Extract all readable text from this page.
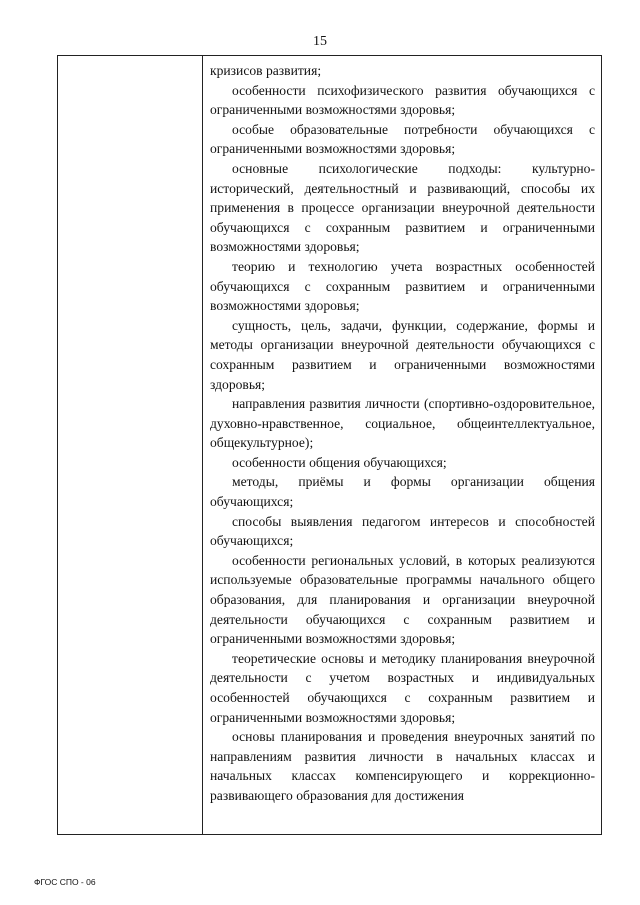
15

кризисов развития;

особенности психофизического развития обучающихся с ограниченными возможностями здоровья;

особые образовательные потребности обучающихся с ограниченными возможностями здоровья;

основные психологические подходы: культурно-исторический, деятельностный и развивающий, способы их применения в процессе организации внеурочной деятельности обучающихся с сохранным развитием и ограниченными возможностями здоровья;

теорию и технологию учета возрастных особенностей обучающихся с сохранным развитием и ограниченными возможностями здоровья;

сущность, цель, задачи, функции, содержание, формы и методы организации внеурочной деятельности обучающихся с сохранным развитием и ограниченными возможностями здоровья;

направления развития личности (спортивно-оздоровительное, духовно-нравственное, социальное, общеинтеллектуальное, общекультурное);

особенности общения обучающихся;

методы, приёмы и формы организации общения обучающихся;

способы выявления педагогом интересов и способностей обучающихся;

особенности региональных условий, в которых реализуются используемые образовательные программы начального общего образования, для планирования и организации внеурочной деятельности обучающихся с сохранным развитием и ограниченными возможностями здоровья;

теоретические основы и методику планирования внеурочной деятельности с учетом возрастных и индивидуальных особенностей обучающихся с сохранным развитием и ограниченными возможностями здоровья;

основы планирования и проведения внеурочных занятий по направлениям развития личности в начальных классах и начальных классах компенсирующего и коррекционно-развивающего образования для достижения

ФГОС СПО - 06
